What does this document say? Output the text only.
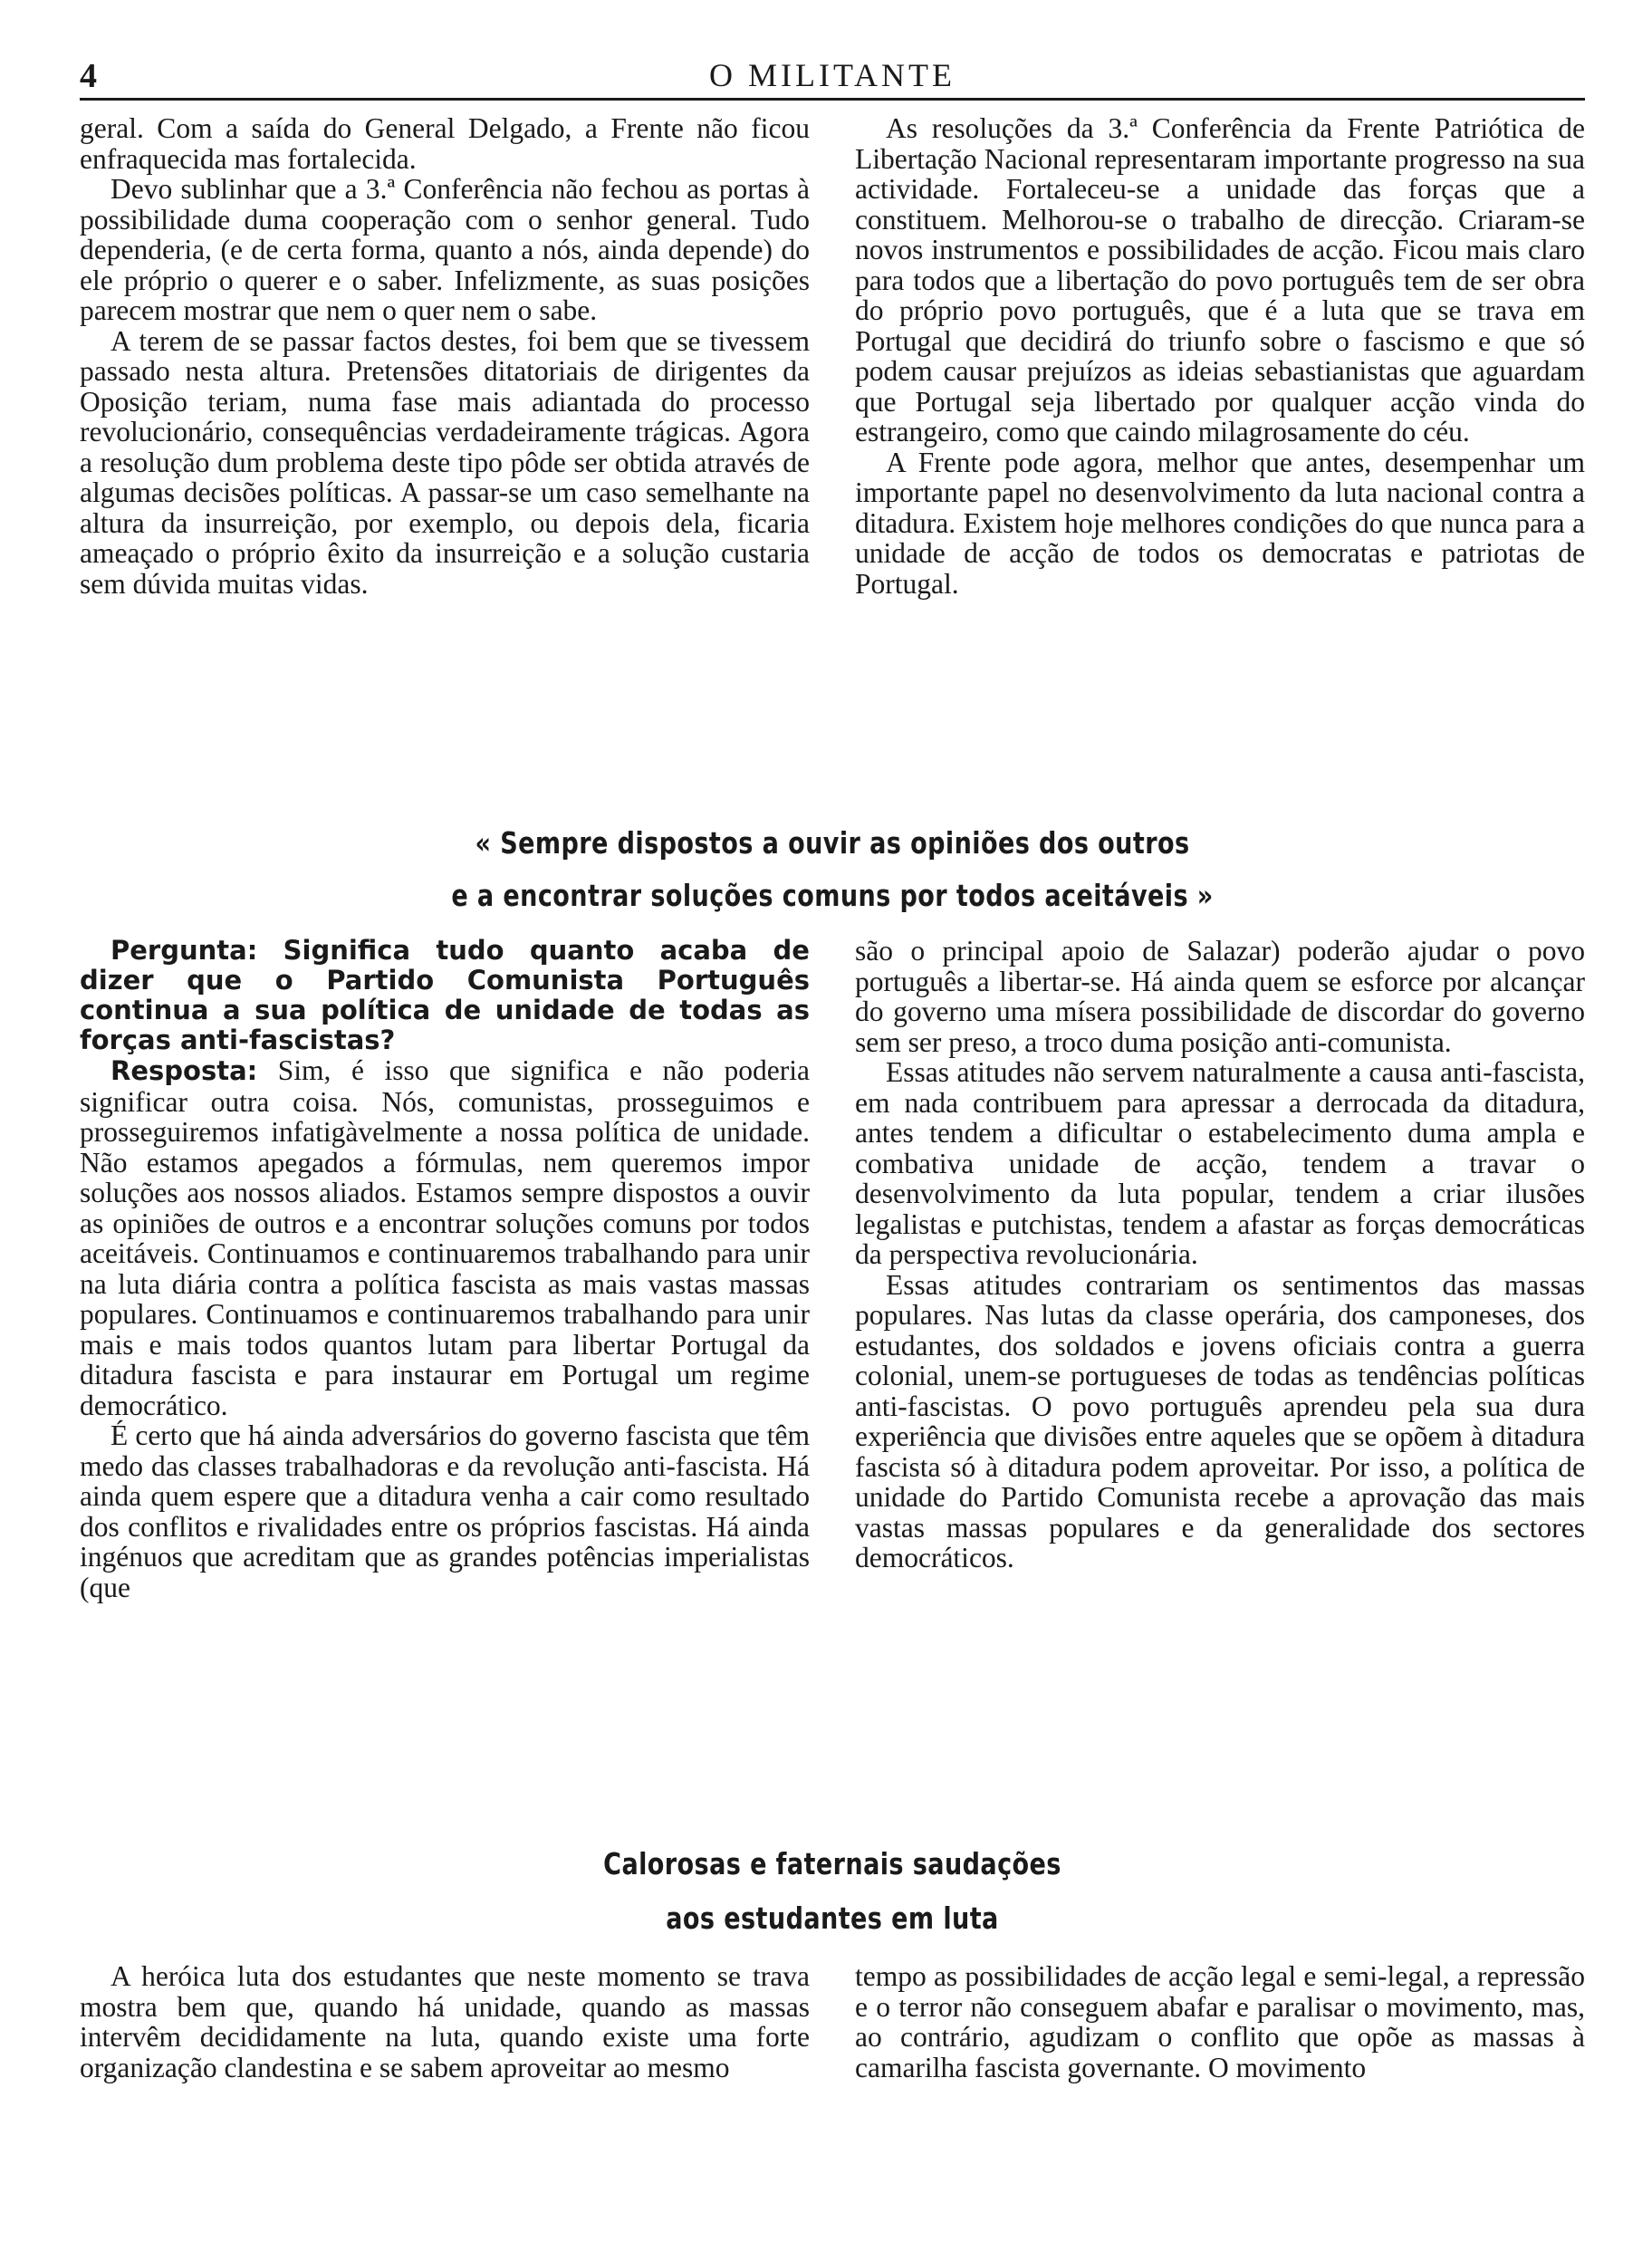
4	O MILITANTE

geral. Com a saída do General Delgado, a Frente não ficou enfraquecida mas fortalecida.

Devo sublinhar que a 3.ª Conferência não fechou as portas à possibilidade duma cooperação com o senhor general. Tudo dependeria, (e de certa forma, quanto a nós, ainda depende) do ele próprio o querer e o saber. Infelizmente, as suas posições parecem mostrar que nem o quer nem o sabe.

A terem de se passar factos destes, foi bem que se tivessem passado nesta altura. Pretensões ditatoriais de dirigentes da Oposição teriam, numa fase mais adiantada do processo revolucionário, consequências verdadeiramente trágicas. Agora a resolução dum problema deste tipo pôde ser obtida através de algumas decisões políticas. A passar-se um caso semelhante na altura da insurreição, por exemplo, ou depois dela, ficaria ameaçado o próprio êxito da insurreição e a solução custaria sem dúvida muitas vidas.

As resoluções da 3.ª Conferência da Frente Patriótica de Libertação Nacional representaram importante progresso na sua actividade. Fortaleceu-se a unidade das forças que a constituem. Melhorou-se o trabalho de direcção. Criaram-se novos instrumentos e possibilidades de acção. Ficou mais claro para todos que a libertação do povo português tem de ser obra do próprio povo português, que é a luta que se trava em Portugal que decidirá do triunfo sobre o fascismo e que só podem causar prejuízos as ideias sebastianistas que aguardam que Portugal seja libertado por qualquer acção vinda do estrangeiro, como que caindo milagrosamente do céu.

A Frente pode agora, melhor que antes, desempenhar um importante papel no desenvolvimento da luta nacional contra a ditadura. Existem hoje melhores condições do que nunca para a unidade de acção de todos os democratas e patriotas de Portugal.

« Sempre dispostos a ouvir as opiniões dos outros
e a encontrar soluções comuns por todos aceitáveis »

Pergunta: Significa tudo quanto acaba de dizer que o Partido Comunista Português continua a sua política de unidade de todas as forças anti-fascistas?

Resposta: Sim, é isso que significa e não poderia significar outra coisa. Nós, comunistas, prosseguimos e prosseguiremos infatigàvelmente a nossa política de unidade. Não estamos apegados a fórmulas, nem queremos impor soluções aos nossos aliados. Estamos sempre dispostos a ouvir as opiniões de outros e a encontrar soluções comuns por todos aceitáveis. Continuamos e continuaremos trabalhando para unir na luta diária contra a política fascista as mais vastas massas populares. Continuamos e continuaremos trabalhando para unir mais e mais todos quantos lutam para libertar Portugal da ditadura fascista e para instaurar em Portugal um regime democrático.

É certo que há ainda adversários do governo fascista que têm medo das classes trabalhadoras e da revolução anti-fascista. Há ainda quem espere que a ditadura venha a cair como resultado dos conflitos e rivalidades entre os próprios fascistas. Há ainda ingénuos que acreditam que as grandes potências imperialistas (que

são o principal apoio de Salazar) poderão ajudar o povo português a libertar-se. Há ainda quem se esforce por alcançar do governo uma mísera possibilidade de discordar do governo sem ser preso, a troco duma posição anti-comunista.

Essas atitudes não servem naturalmente a causa anti-fascista, em nada contribuem para apressar a derrocada da ditadura, antes tendem a dificultar o estabelecimento duma ampla e combativa unidade de acção, tendem a travar o desenvolvimento da luta popular, tendem a criar ilusões legalistas e putchistas, tendem a afastar as forças democráticas da perspectiva revolucionária.

Essas atitudes contrariam os sentimentos das massas populares. Nas lutas da classe operária, dos camponeses, dos estudantes, dos soldados e jovens oficiais contra a guerra colonial, unem-se portugueses de todas as tendências políticas anti-fascistas. O povo português aprendeu pela sua dura experiência que divisões entre aqueles que se opõem à ditadura fascista só à ditadura podem aproveitar. Por isso, a política de unidade do Partido Comunista recebe a aprovação das mais vastas massas populares e da generalidade dos sectores democráticos.

Calorosas e faternais saudações
aos estudantes em luta

A heróica luta dos estudantes que neste momento se trava mostra bem que, quando há unidade, quando as massas intervêm decididamente na luta, quando existe uma forte organização clandestina e se sabem aproveitar ao mesmo

tempo as possibilidades de acção legal e semi-legal, a repressão e o terror não conseguem abafar e paralisar o movimento, mas, ao contrário, agudizam o conflito que opõe as massas à camarilha fascista governante. O movimento
